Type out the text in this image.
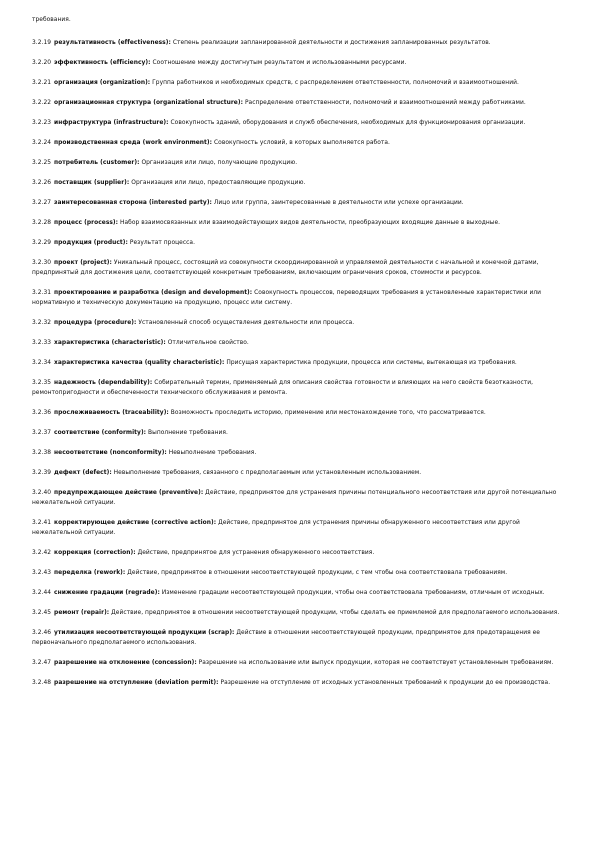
требования.
3.2.19 результативность (effectiveness): Степень реализации запланированной деятельности и достижения запланированных результатов.
3.2.20 эффективность (efficiency): Соотношение между достигнутым результатом и использованными ресурсами.
3.2.21 организация (organization): Группа работников и необходимых средств, с распределением ответственности, полномочий и взаимоотношений.
3.2.22 организационная структура (organizational structure): Распределение ответственности, полномочий и взаимоотношений между работниками.
3.2.23 инфраструктура (infrastructure): Совокупность зданий, оборудования и служб обеспечения, необходимых для функционирования организации.
3.2.24 производственная среда (work environment): Совокупность условий, в которых выполняется работа.
3.2.25 потребитель (customer): Организация или лицо, получающие продукцию.
3.2.26 поставщик (supplier): Организация или лицо, предоставляющие продукцию.
3.2.27 заинтересованная сторона (interested party): Лицо или группа, заинтересованные в деятельности или успехе организации.
3.2.28 процесс (process): Набор взаимосвязанных или взаимодействующих видов деятельности, преобразующих входящие данные в выходные.
3.2.29 продукция (product): Результат процесса.
3.2.30 проект (project): Уникальный процесс, состоящий из совокупности скоординированной и управляемой деятельности с начальной и конечной датами, предпринятый для достижения цели, соответствующей конкретным требованиям, включающим ограничения сроков, стоимости и ресурсов.
3.2.31 проектирование и разработка (design and development): Совокупность процессов, переводящих требования в установленные характеристики или нормативную и техническую документацию на продукцию, процесс или систему.
3.2.32 процедура (procedure): Установленный способ осуществления деятельности или процесса.
3.2.33 характеристика (characteristic): Отличительное свойство.
3.2.34 характеристика качества (quality characteristic): Присущая характеристика продукции, процесса или системы, вытекающая из требования.
3.2.35 надежность (dependability): Собирательный термин, применяемый для описания свойства готовности и влияющих на него свойств безотказности, ремонтопригодности и обеспеченности технического обслуживания и ремонта.
3.2.36 прослеживаемость (traceability): Возможность проследить историю, применение или местонахождение того, что рассматривается.
3.2.37 соответствие (conformity): Выполнение требования.
3.2.38 несоответствие (nonconformity): Невыполнение требования.
3.2.39 дефект (defect): Невыполнение требования, связанного с предполагаемым или установленным использованием.
3.2.40 предупреждающее действие (preventive): Действие, предпринятое для устранения причины потенциального несоответствия или другой потенциально нежелательной ситуации.
3.2.41 корректирующее действие (corrective action): Действие, предпринятое для устранения причины обнаруженного несоответствия или другой нежелательной ситуации.
3.2.42 коррекция (correction): Действие, предпринятое для устранения обнаруженного несоответствия.
3.2.43 переделка (rework): Действие, предпринятое в отношении несоответствующей продукции, с тем чтобы она соответствовала требованиям.
3.2.44 снижение градации (regrade): Изменение градации несоответствующей продукции, чтобы она соответствовала требованиям, отличным от исходных.
3.2.45 ремонт (repair): Действие, предпринятое в отношении несоответствующей продукции, чтобы сделать ее приемлемой для предполагаемого использования.
3.2.46 утилизация несоответствующей продукции (scrap): Действие в отношении несоответствующей продукции, предпринятое для предотвращения ее первоначального предполагаемого использования.
3.2.47 разрешение на отклонение (concession): Разрешение на использование или выпуск продукции, которая не соответствует установленным требованиям.
3.2.48 разрешение на отступление (deviation permit): Разрешение на отступление от исходных установленных требований к продукции до ее производства.
